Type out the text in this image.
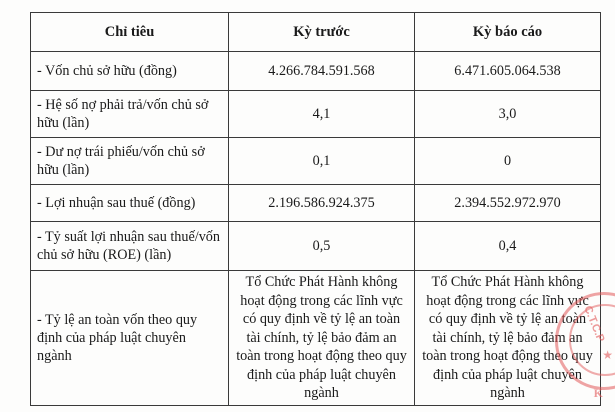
Chỉ tiêu	Kỳ trước	Kỳ báo cáo
- Vốn chủ sở hữu (đồng)	4.266.784.591.568	6.471.605.064.538
- Hệ số nợ phải trả/vốn chủ sở hữu (lần)	4,1	3,0
- Dư nợ trái phiếu/vốn chủ sở hữu (lần)	0,1	0
- Lợi nhuận sau thuế (đồng)	2.196.586.924.375	2.394.552.972.970
- Tỷ suất lợi nhuận sau thuế/vốn chủ sở hữu (ROE) (lần)	0,5	0,4
- Tỷ lệ an toàn vốn theo quy định của pháp luật chuyên ngành	Tổ Chức Phát Hành không hoạt động trong các lĩnh vực có quy định về tỷ lệ an toàn tài chính, tỷ lệ bảo đảm an toàn trong hoạt động theo quy định của pháp luật chuyên ngành	Tổ Chức Phát Hành không hoạt động trong các lĩnh vực có quy định về tỷ lệ an toàn tài chính, tỷ lệ bảo đảm an toàn trong hoạt động theo quy định của pháp luật chuyên ngành
C.T.C.P
★
K
